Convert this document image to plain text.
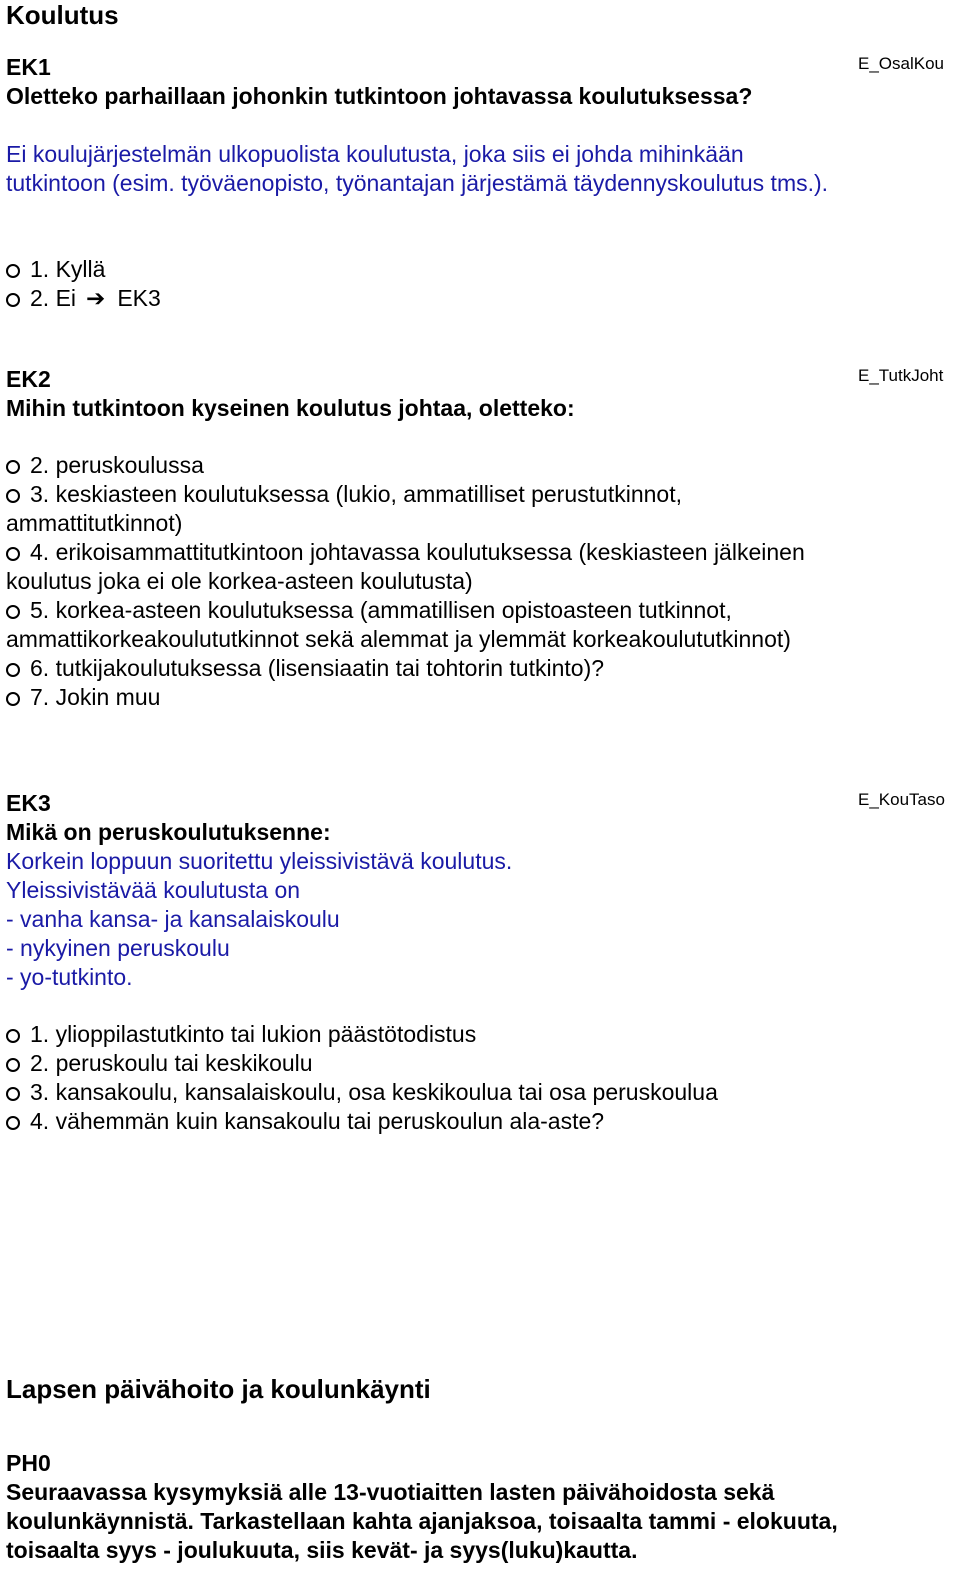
Koulutus
EK1	E_OsalKou
Oletteko parhaillaan johonkin tutkintoon johtavassa koulutuksessa?
Ei koulujärjestelmän ulkopuolista koulutusta, joka siis ei johda mihinkään tutkintoon (esim. työväenopisto, työnantajan järjestämä täydennyskoulutus tms.).
1. Kyllä
2. Ei ➔ EK3
EK2	E_TutkJoht
Mihin tutkintoon kyseinen koulutus johtaa, oletteko:
2. peruskoulussa
3. keskiasteen koulutuksessa (lukio, ammatilliset perustutkinnot, ammattitutkinnot)
4. erikoisammattitutkintoon johtavassa koulutuksessa (keskiasteen jälkeinen koulutus joka ei ole korkea-asteen koulutusta)
5. korkea-asteen koulutuksessa (ammatillisen opistoasteen tutkinnot, ammattikorkeakoulututkinnot sekä alemmat ja ylemmät korkeakoulututkinnot)
6. tutkijakoulutuksessa (lisensiaatin tai tohtorin tutkinto)?
7. Jokin muu
EK3	E_KouTaso
Mikä on peruskoulutuksenne:
Korkein loppuun suoritettu yleissivistävä koulutus.
Yleissivistävää koulutusta on
- vanha kansa- ja kansalaiskoulu
- nykyinen peruskoulu
- yo-tutkinto.
1. ylioppilastutkinto tai lukion päästötodistus
2. peruskoulu tai keskikoulu
3. kansakoulu, kansalaiskoulu, osa keskikoulua tai osa peruskoulua
4. vähemmän kuin kansakoulu tai peruskoulun ala-aste?
Lapsen päivähoito ja koulunkäynti
PH0
Seuraavassa kysymyksiä alle 13-vuotiaitten lasten päivähoidosta sekä koulunkäynnistä. Tarkastellaan kahta ajanjaksoa, toisaalta tammi - elokuuta, toisaalta syys - joulukuuta, siis kevät- ja syys(luku)kautta.
